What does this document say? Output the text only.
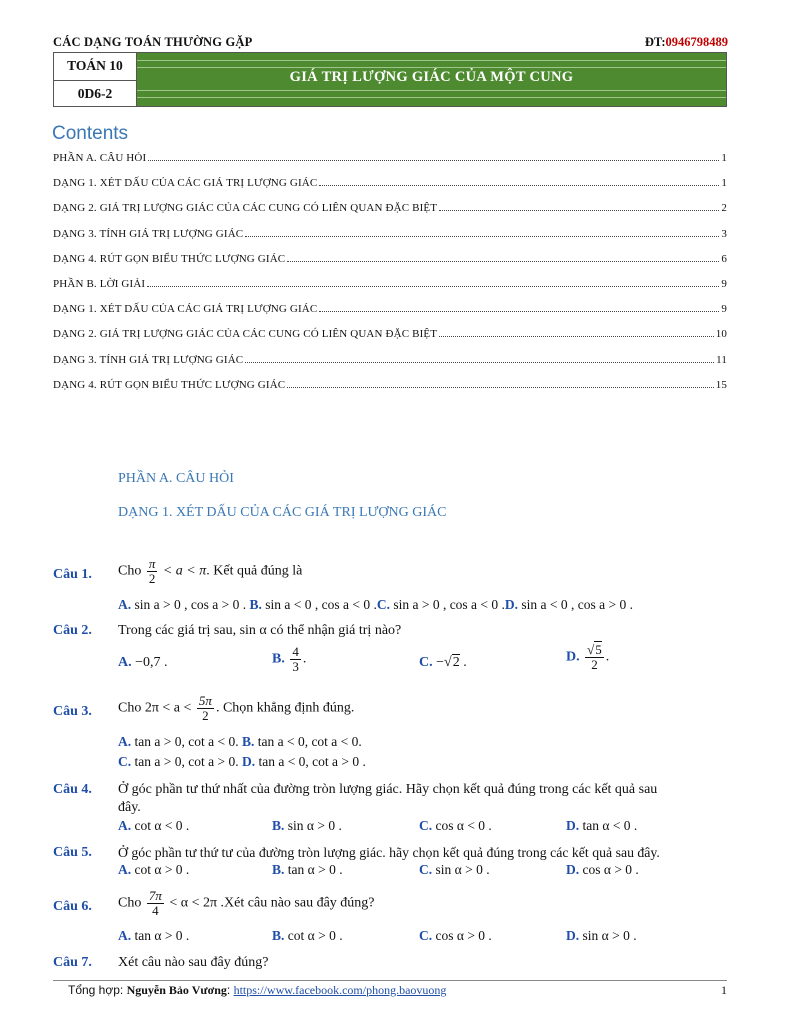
CÁC DẠNG TOÁN THƯỜNG GẶP	ĐT:0946798489
TOÁN 10
0D6-2
GIÁ TRỊ LƯỢNG GIÁC CỦA MỘT CUNG
Contents
PHẦN A. CÂU HỎI	1
DẠNG 1. XÉT DẤU CỦA CÁC GIÁ TRỊ LƯỢNG GIÁC	1
DẠNG 2. GIÁ TRỊ LƯỢNG GIÁC CỦA CÁC CUNG CÓ LIÊN QUAN ĐẶC BIỆT	2
DẠNG 3. TÍNH GIÁ TRỊ LƯỢNG GIÁC	3
DẠNG 4. RÚT GỌN BIỂU THỨC LƯỢNG GIÁC	6
PHẦN B. LỜI GIẢI	9
DẠNG 1. XÉT DẤU CỦA CÁC GIÁ TRỊ LƯỢNG GIÁC	9
DẠNG 2. GIÁ TRỊ LƯỢNG GIÁC CỦA CÁC CUNG CÓ LIÊN QUAN ĐẶC BIỆT	10
DẠNG 3. TÍNH GIÁ TRỊ LƯỢNG GIÁC	11
DẠNG 4. RÚT GỌN BIỂU THỨC LƯỢNG GIÁC	15
PHẦN A. CÂU HỎI
DẠNG 1. XÉT DẤU CỦA CÁC GIÁ TRỊ LƯỢNG GIÁC
Câu 1. Cho $\frac{\pi}{2} < a < \pi$. Kết quả đúng là
A. sin a > 0 , cos a > 0 . B. sin a < 0 , cos a < 0 .C. sin a > 0 , cos a < 0 .D. sin a < 0 , cos a > 0 .
Câu 2. Trong các giá trị sau, sin α có thể nhận giá trị nào?
A. −0,7 .	B. $\frac{4}{3}$ .	C. −√2 .	D. $\frac{√5}{2}$ .
Câu 3. Cho $2\pi < a < \frac{5\pi}{2}$ . Chọn khẳng định đúng.
A. tan a > 0, cot a < 0. B. tan a < 0, cot a < 0.
C. tan a > 0, cot a > 0. D. tan a < 0, cot a > 0 .
Câu 4. Ở góc phần tư thứ nhất của đường tròn lượng giác. Hãy chọn kết quả đúng trong các kết quả sau
đây.
A. cot α < 0 .	B. sin α > 0 .	C. cos α < 0 .	D. tan α < 0 .
Câu 5. Ở góc phần tư thứ tư của đường tròn lượng giác. hãy chọn kết quả đúng trong các kết quả sau đây.
A. cot α > 0 .	B. tan α > 0 .	C. sin α > 0 .	D. cos α > 0 .
Câu 6. Cho $\frac{7\pi}{4} < \alpha < 2\pi$ .Xét câu nào sau đây đúng?
A. tan α > 0 .	B. cot α > 0 .	C. cos α > 0 .	D. sin α > 0 .
Câu 7. Xét câu nào sau đây đúng?
Tổng hợp: Nguyễn Bảo Vương: https://www.facebook.com/phong.baovuong	1
